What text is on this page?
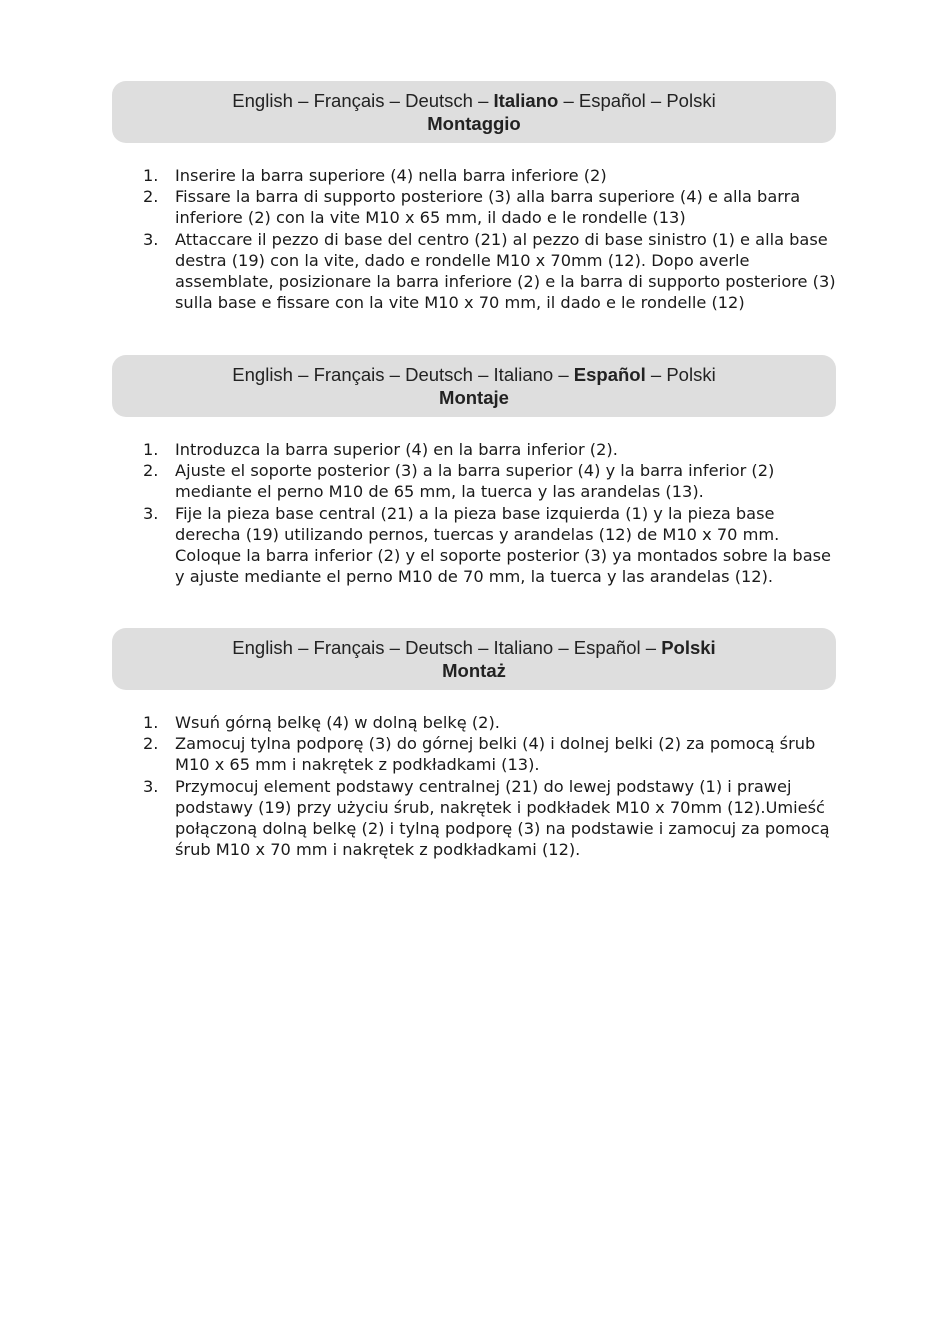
English – Français – Deutsch – Italiano – Español – Polski
Montaggio
1. Inserire la barra superiore (4) nella barra inferiore (2)
2. Fissare la barra di supporto posteriore (3) alla barra superiore (4) e alla barra inferiore (2) con la vite M10 x 65 mm, il dado e le rondelle (13)
3. Attaccare il pezzo di base del centro (21) al pezzo di base sinistro (1) e alla base destra (19) con la vite, dado e rondelle M10 x 70mm (12). Dopo averle assemblate, posizionare la barra inferiore (2) e la barra di supporto posteriore (3) sulla base e fissare con la vite M10 x 70 mm, il dado e le rondelle (12)
English – Français – Deutsch – Italiano – Español – Polski
Montaje
1. Introduzca la barra superior (4) en la barra inferior (2).
2. Ajuste el soporte posterior (3) a la barra superior (4) y la barra inferior (2) mediante el perno M10 de 65 mm, la tuerca y las arandelas (13).
3. Fije la pieza base central (21) a la pieza base izquierda (1) y la pieza base derecha (19) utilizando pernos, tuercas y arandelas (12) de M10 x 70 mm. Coloque la barra inferior (2) y el soporte posterior (3) ya montados sobre la base y ajuste mediante el perno M10 de 70 mm, la tuerca y las arandelas (12).
English – Français – Deutsch – Italiano – Español – Polski
Montaż
1. Wsuń górną belkę (4) w dolną belkę (2).
2. Zamocuj tylna podporę (3) do górnej belki (4) i dolnej belki (2) za pomocą śrub M10 x 65 mm i nakrętek z podkładkami (13).
3. Przymocuj element podstawy centralnej (21) do lewej podstawy (1) i prawej podstawy (19) przy użyciu śrub, nakrętek i podkładek M10 x 70mm (12).Umieść połączoną dolną belkę (2) i tylną podporę (3) na podstawie i zamocuj za pomocą śrub M10 x 70 mm i nakrętek z podkładkami (12).
